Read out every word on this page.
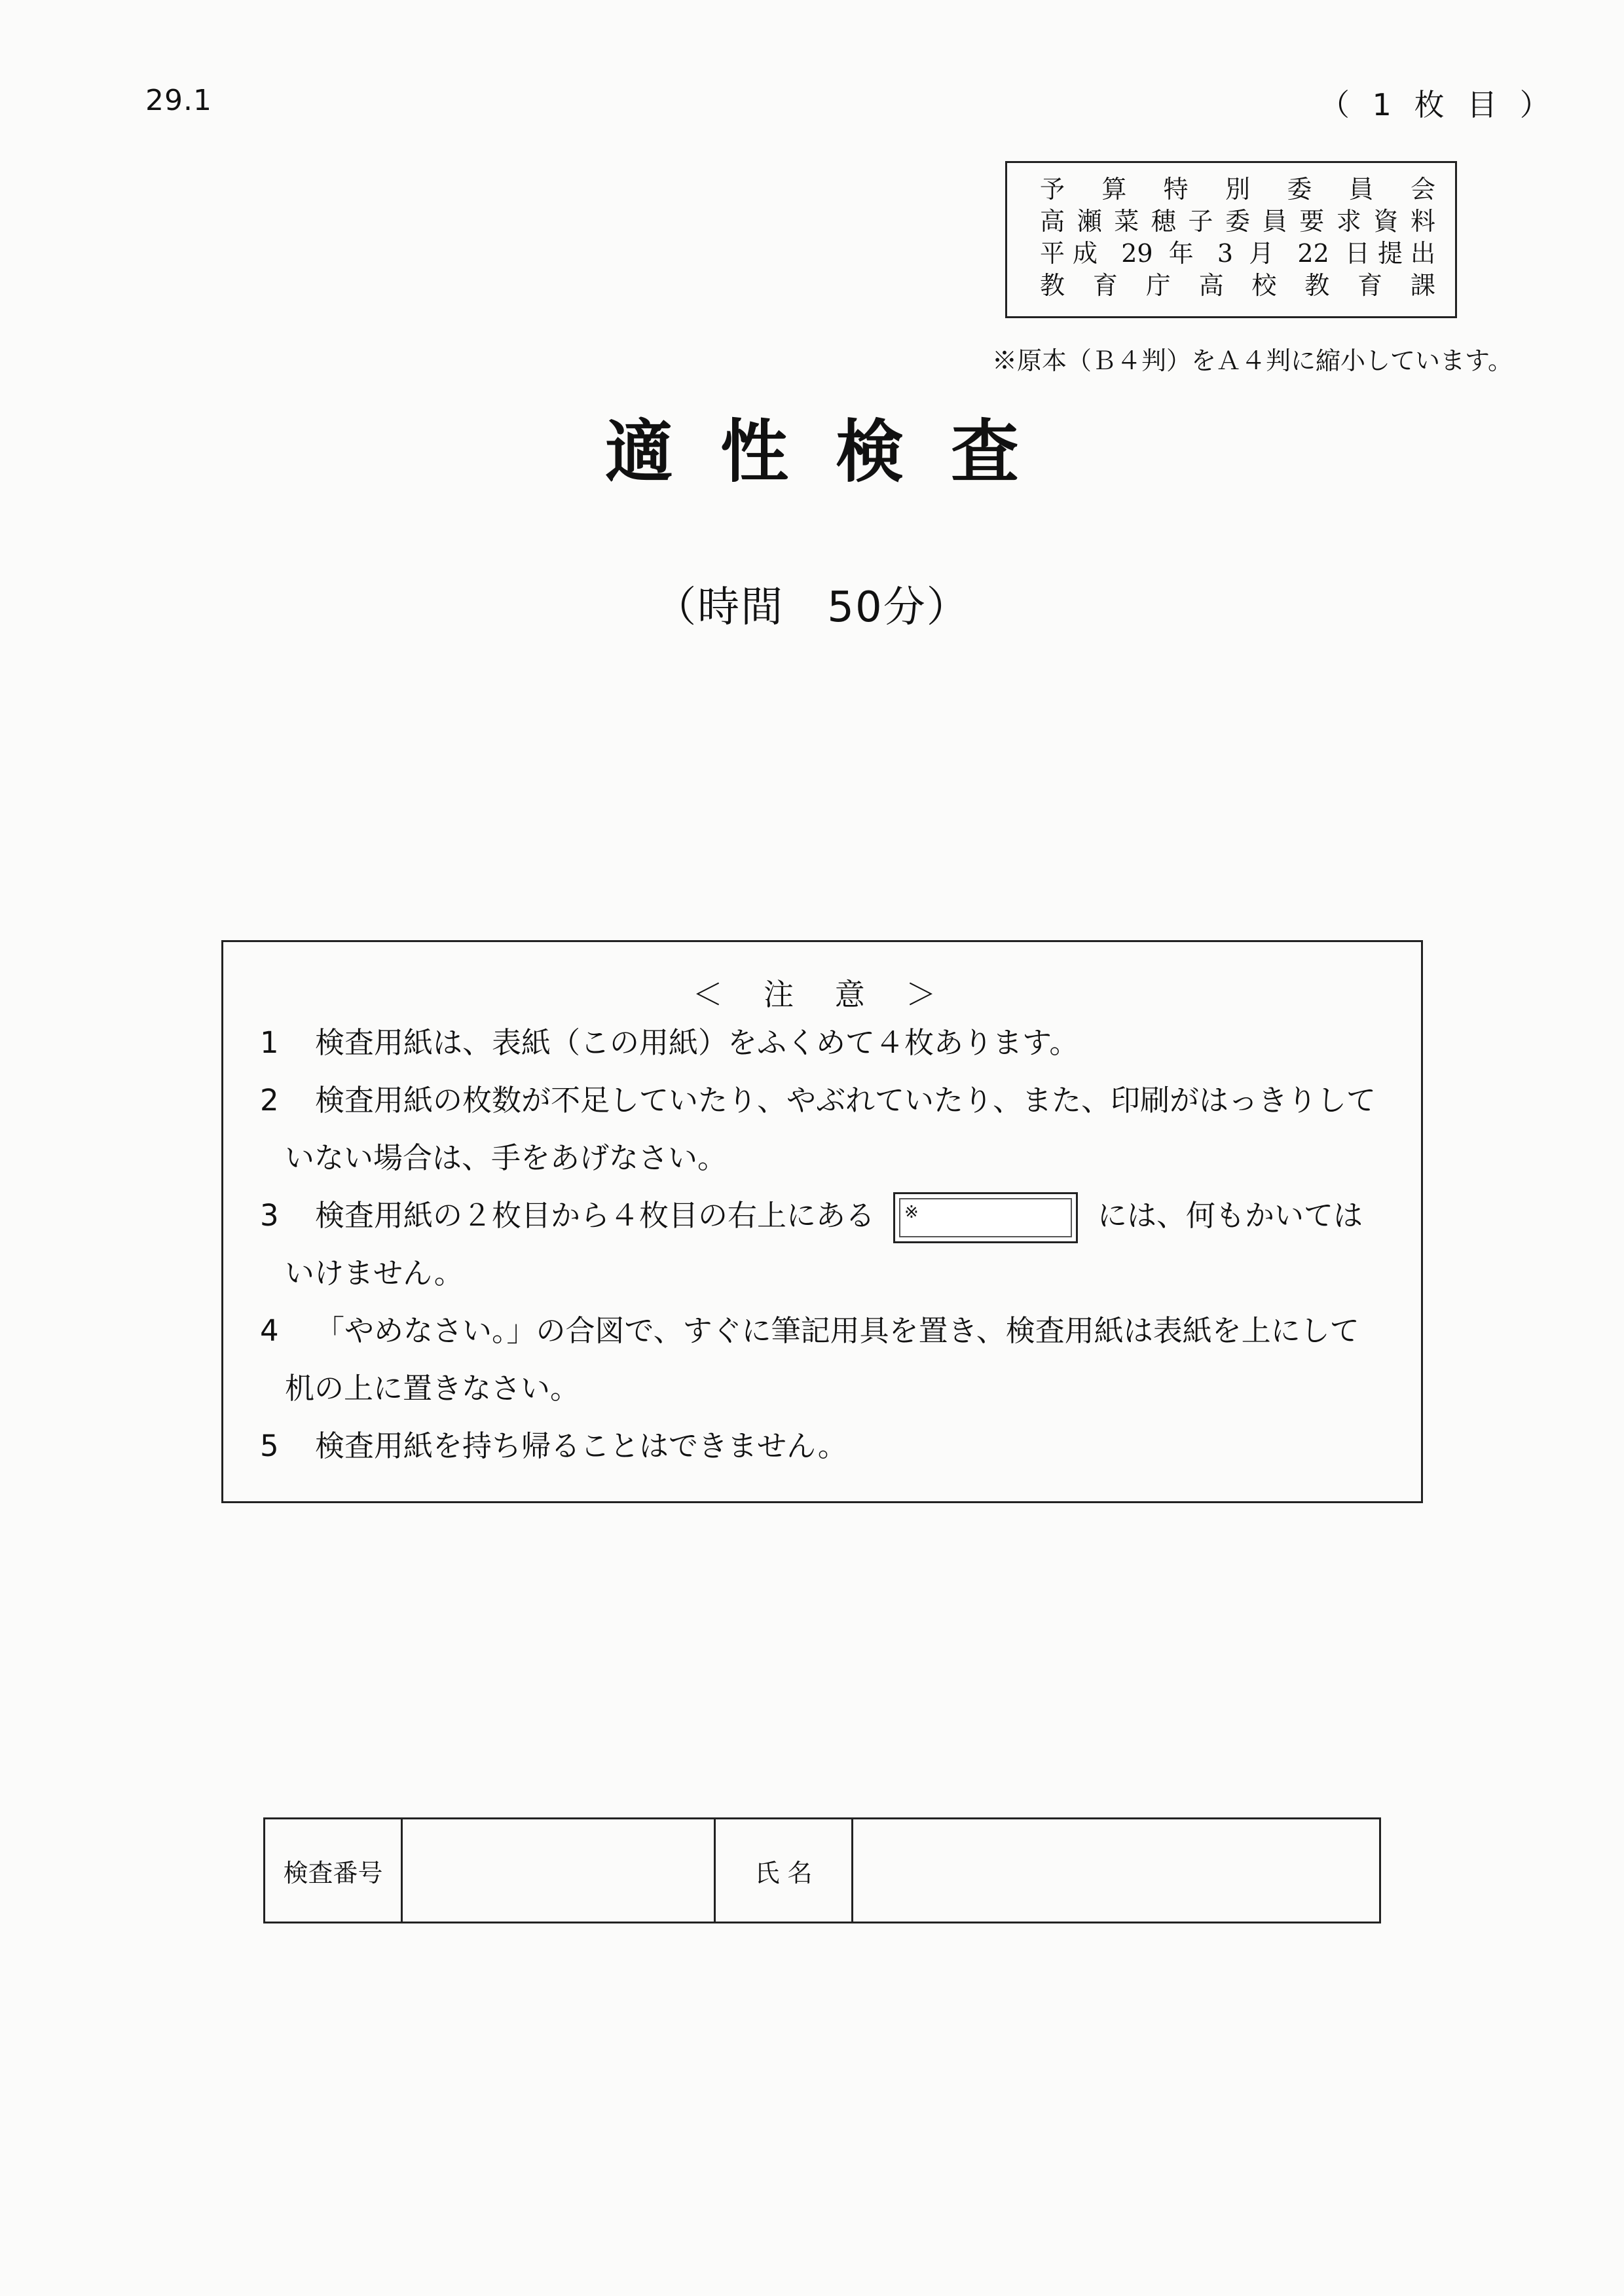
29.1	（ 1 枚 目 ）
予算特別委員会
高瀬菜穂子委員要求資料
平成 29 年 3 月 22 日提出
教育庁高校教育課
※原本（Ｂ４判）をＡ４判に縮小しています。
適性検査
（時間　50分）
＜ 注 意 ＞
1 検査用紙は、表紙（この用紙）をふくめて４枚あります。
2 検査用紙の枚数が不足していたり、やぶれていたり、また、印刷がはっきりして
いない場合は、手をあげなさい。
3 検査用紙の２枚目から４枚目の右上にある ※	には、何もかいては
いけません。
4 「やめなさい。」の合図で、すぐに筆記用具を置き、検査用紙は表紙を上にして
机の上に置きなさい。
5 検査用紙を持ち帰ることはできません。
検査番号	氏 名
